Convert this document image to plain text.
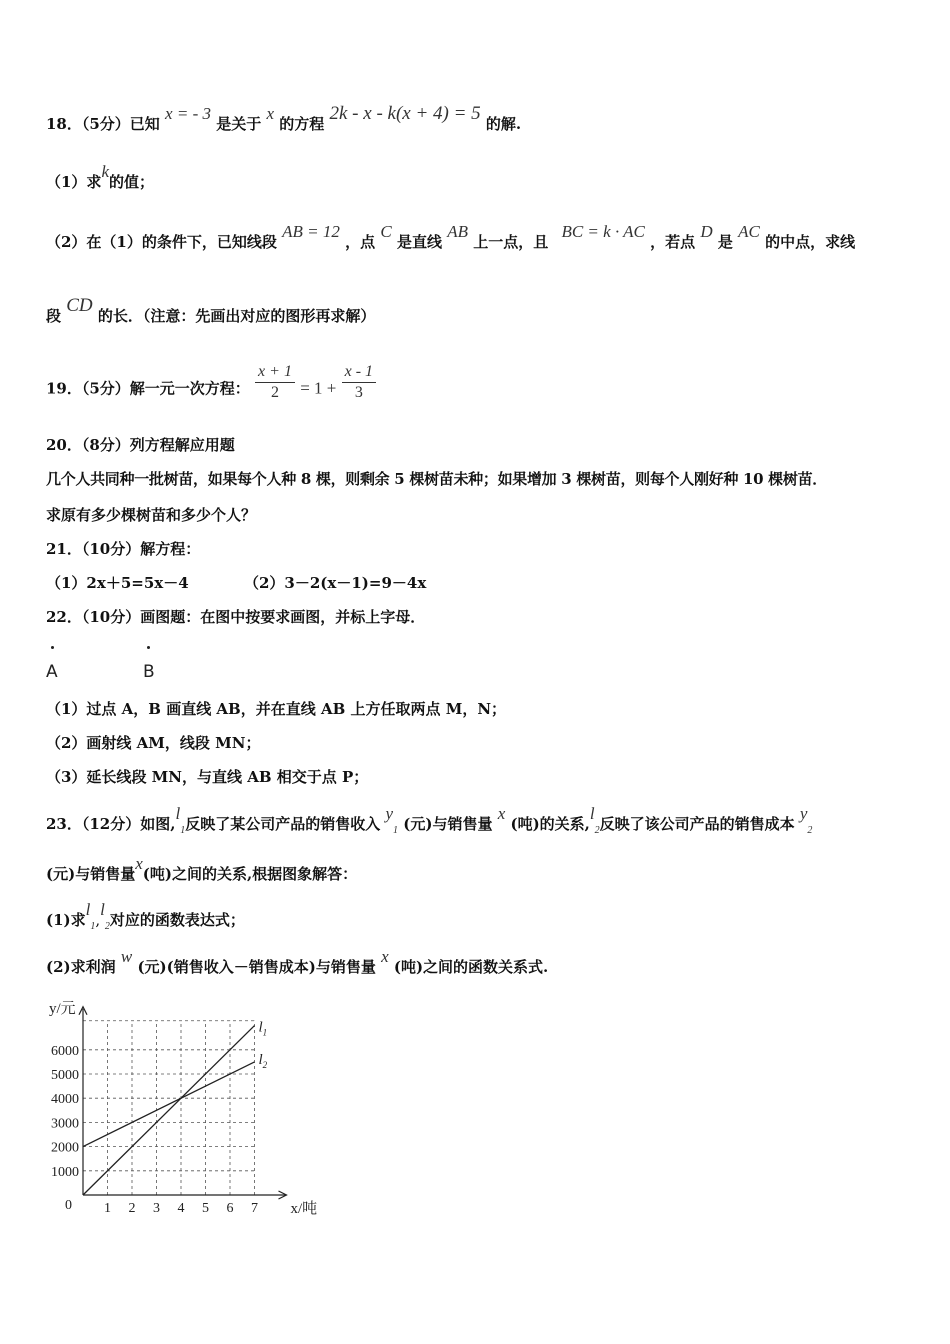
18．（5分）已知 x = - 3 是关于 x 的方程 2k - x - k(x + 4) = 5 的解.
（1）求k的值；
（2）在（1）的条件下，已知线段 AB = 12 ，点 C 是直线 AB 上一点，且 BC = k · AC ，若点 D 是 AC 的中点，求线
段 CD 的长．（注意：先画出对应的图形再求解）
19．（5分）解一元一次方程： $\frac{x + 1}{2} = 1 + \frac{x - 1}{3}$
20．（8分）列方程解应用题
几个人共同种一批树苗，如果每个人种 8 棵，则剩余 5 棵树苗未种；如果增加 3 棵树苗，则每个人刚好种 10 棵树苗．
求原有多少棵树苗和多少个人？
21．（10分）解方程：
（1）2x＋5=5x－4	（2）3－2(x－1)=9－4x
22．（10分）画图题：在图中按要求画图，并标上字母．
A	B
（1）过点 A，B 画直线 AB，并在直线 AB 上方任取两点 M，N；
（2）画射线 AM，线段 MN；
（3）延长线段 MN，与直线 AB 相交于点 P；
23．（12分）如图$,l_1$反映了某公司产品的销售收入 $y_1$ (元)与销售量 x (吨)的关系$,l_2$反映了该公司产品的销售成本 $y_2$
(元)与销售量x(吨)之间的关系,根据图象解答：
(1)求$l_1,l_2$对应的函数表达式；
(2)求利润 w (元)(销售收入－销售成本)与销售量 x (吨)之间的函数关系式.
1 2 3 4 5 6 7
1000
2000
3000
4000
5000
6000
0
y/元
x/吨
$l_1$
$l_2$
